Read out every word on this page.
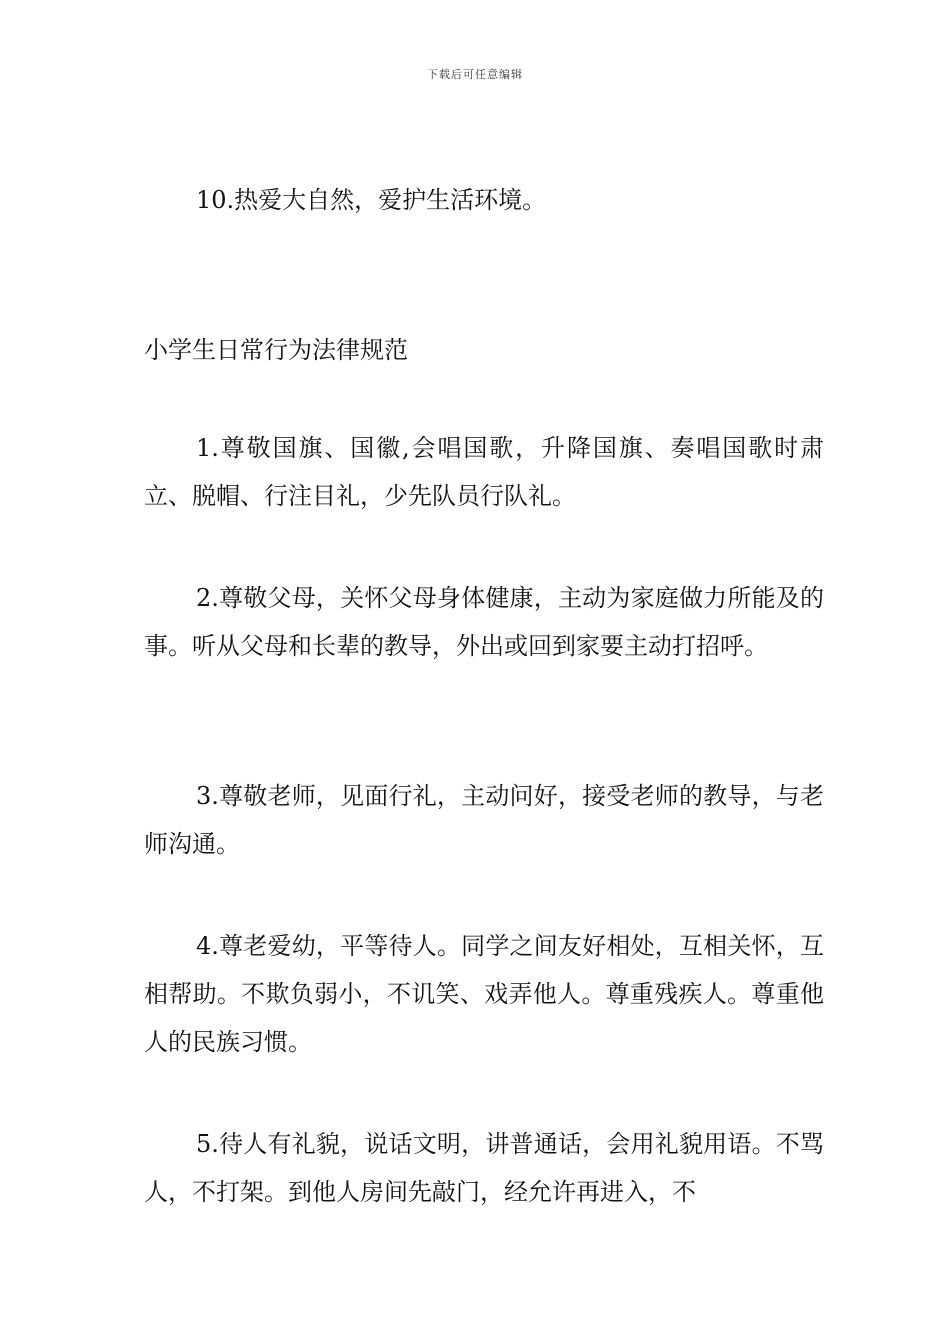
下载后可任意编辑

10.热爱大自然，爱护生活环境。

小学生日常行为法律规范

1.尊敬国旗、国徽,会唱国歌，升降国旗、奏唱国歌时肃立、脱帽、行注目礼，少先队员行队礼。

2.尊敬父母，关怀父母身体健康，主动为家庭做力所能及的事。听从父母和长辈的教导，外出或回到家要主动打招呼。

3.尊敬老师，见面行礼，主动问好，接受老师的教导，与老师沟通。

4.尊老爱幼，平等待人。同学之间友好相处，互相关怀，互相帮助。不欺负弱小，不讥笑、戏弄他人。尊重残疾人。尊重他人的民族习惯。

5.待人有礼貌，说话文明，讲普通话，会用礼貌用语。不骂人，不打架。到他人房间先敲门，经允许再进入，不
